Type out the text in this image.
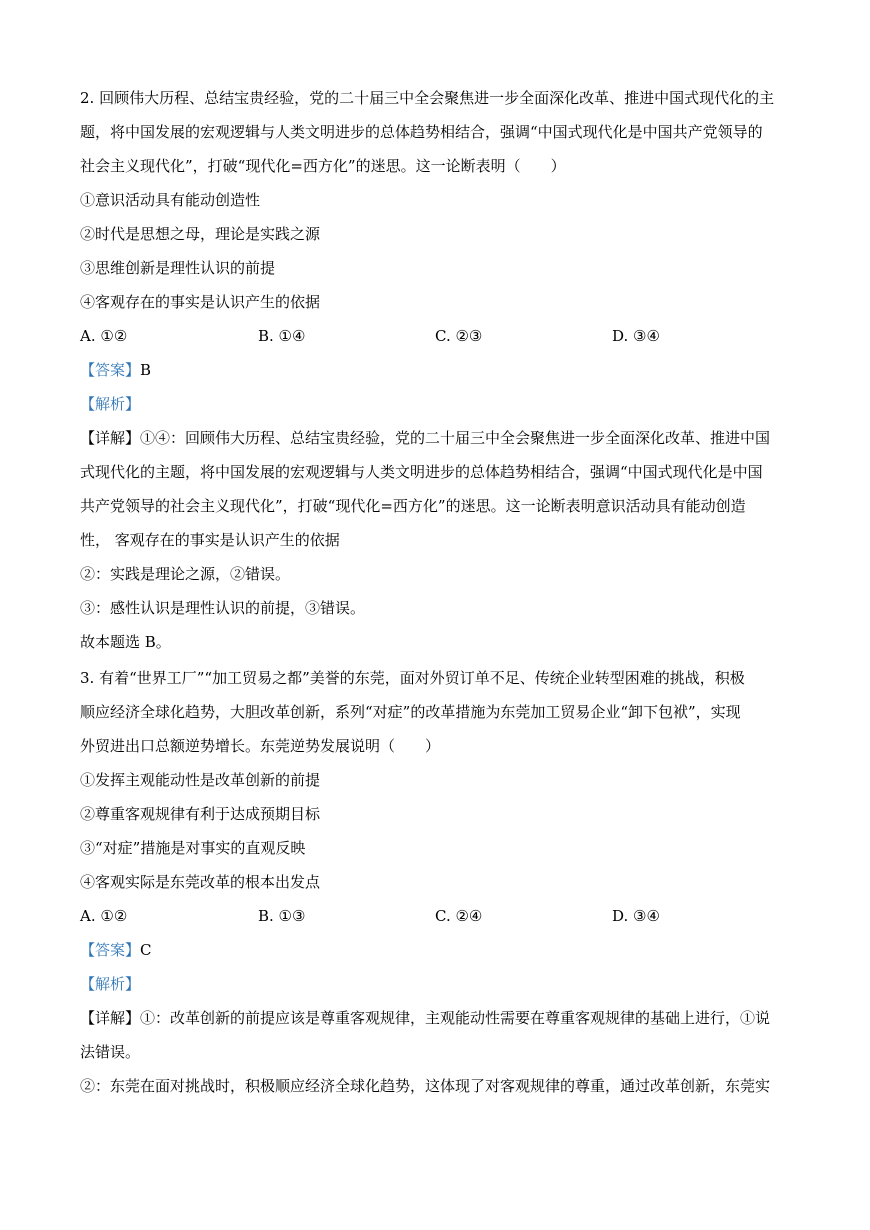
2. 回顾伟大历程、总结宝贵经验，党的二十届三中全会聚焦进一步全面深化改革、推进中国式现代化的主
题，将中国发展的宏观逻辑与人类文明进步的总体趋势相结合，强调“中国式现代化是中国共产党领导的
社会主义现代化”，打破“现代化=西方化”的迷思。这一论断表明（　　）
①意识活动具有能动创造性
②时代是思想之母，理论是实践之源
③思维创新是理性认识的前提
④客观存在的事实是认识产生的依据
A. ①②	B. ①④	C. ②③	D. ③④
【答案】B
【解析】
【详解】①④：回顾伟大历程、总结宝贵经验，党的二十届三中全会聚焦进一步全面深化改革、推进中国
式现代化的主题，将中国发展的宏观逻辑与人类文明进步的总体趋势相结合，强调“中国式现代化是中国
共产党领导的社会主义现代化”，打破“现代化=西方化”的迷思。这一论断表明意识活动具有能动创造
性， 客观存在的事实是认识产生的依据
②：实践是理论之源，②错误。
③：感性认识是理性认识的前提，③错误。
故本题选 B。
3. 有着“世界工厂”“加工贸易之都”美誉的东莞，面对外贸订单不足、传统企业转型困难的挑战，积极
顺应经济全球化趋势，大胆改革创新，系列“对症”的改革措施为东莞加工贸易企业“卸下包袱”，实现
外贸进出口总额逆势增长。东莞逆势发展说明（　　）
①发挥主观能动性是改革创新的前提
②尊重客观规律有利于达成预期目标
③“对症”措施是对事实的直观反映
④客观实际是东莞改革的根本出发点
A. ①②	B. ①③	C. ②④	D. ③④
【答案】C
【解析】
【详解】①：改革创新的前提应该是尊重客观规律，主观能动性需要在尊重客观规律的基础上进行，①说
法错误。
②：东莞在面对挑战时，积极顺应经济全球化趋势，这体现了对客观规律的尊重，通过改革创新，东莞实
